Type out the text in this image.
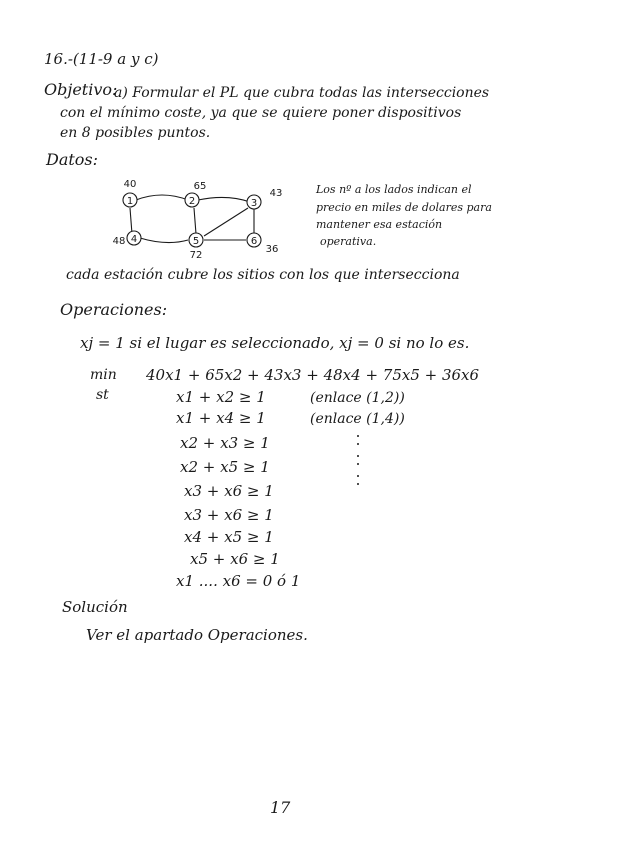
16.-(11-9 a y c)
Objetivo:
a) Formular el PL que cubra todas las intersecciones
con el mínimo coste, ya que se quiere poner dispositivos
en 8 posibles puntos.
Datos:
1	2	3
4	5	6
40	65
43
48
72
36
Los nº a los lados indican el
precio en miles de dolares para
mantener esa estación
operativa.
cada estación cubre los sitios con los que intersecciona
Operaciones:
xj = 1 si el lugar es seleccionado, xj = 0 si no lo es.
min 40x1 + 65x2 + 43x3 + 48x4 + 75x5 + 36x6
st	x1 + x2 ≥ 1	(enlace (1,2))
x1 + x4 ≥ 1	(enlace (1,4))
x2 + x3 ≥ 1
x2 + x5 ≥ 1
x3 + x6 ≥ 1
x3 + x6 ≥ 1
x4 + x5 ≥ 1
x5 + x6 ≥ 1
x1 .... x6 = 0 ó 1
Solución
Ver el apartado Operaciones.
17
